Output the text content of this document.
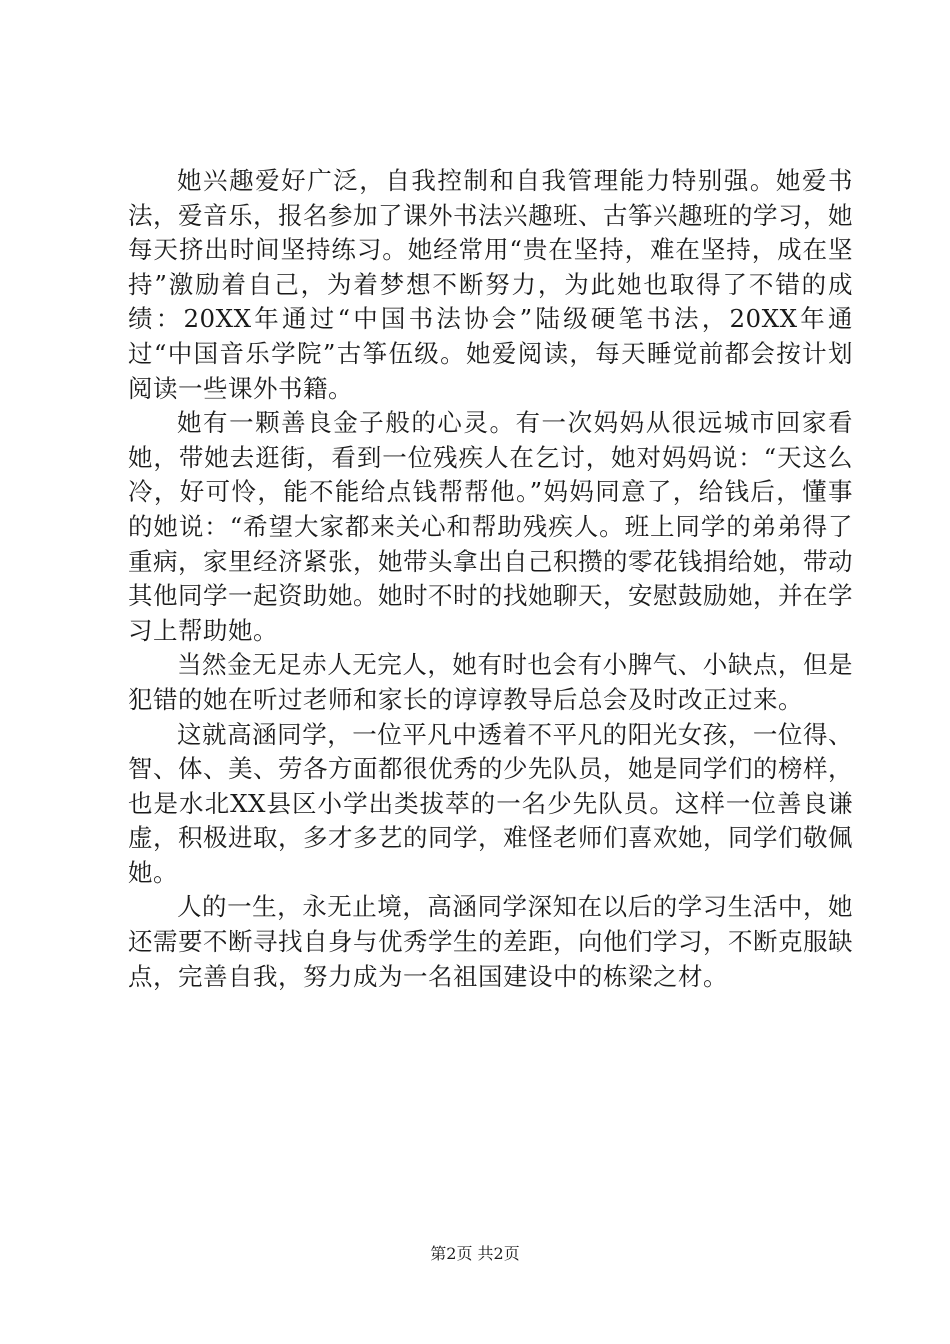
她兴趣爱好广泛，自我控制和自我管理能力特别强。她爱书法，爱音乐，报名参加了课外书法兴趣班、古筝兴趣班的学习，她每天挤出时间坚持练习。她经常用“贵在坚持，难在坚持，成在坚持”激励着自己，为着梦想不断努力，为此她也取得了不错的成绩：20XX年通过“中国书法协会”陆级硬笔书法，20XX年通过“中国音乐学院”古筝伍级。她爱阅读，每天睡觉前都会按计划阅读一些课外书籍。

她有一颗善良金子般的心灵。有一次妈妈从很远城市回家看她，带她去逛街，看到一位残疾人在乞讨，她对妈妈说：“天这么冷，好可怜，能不能给点钱帮帮他。”妈妈同意了，给钱后，懂事的她说：“希望大家都来关心和帮助残疾人。班上同学的弟弟得了重病，家里经济紧张，她带头拿出自己积攒的零花钱捐给她，带动其他同学一起资助她。她时不时的找她聊天，安慰鼓励她，并在学习上帮助她。

当然金无足赤人无完人，她有时也会有小脾气、小缺点，但是犯错的她在听过老师和家长的谆谆教导后总会及时改正过来。

这就高涵同学，一位平凡中透着不平凡的阳光女孩，一位得、智、体、美、劳各方面都很优秀的少先队员，她是同学们的榜样，也是水北XX县区小学出类拔萃的一名少先队员。这样一位善良谦虚，积极进取，多才多艺的同学，难怪老师们喜欢她，同学们敬佩她。

人的一生，永无止境，高涵同学深知在以后的学习生活中，她还需要不断寻找自身与优秀学生的差距，向他们学习，不断克服缺点，完善自我，努力成为一名祖国建设中的栋梁之材。

第2页 共2页
